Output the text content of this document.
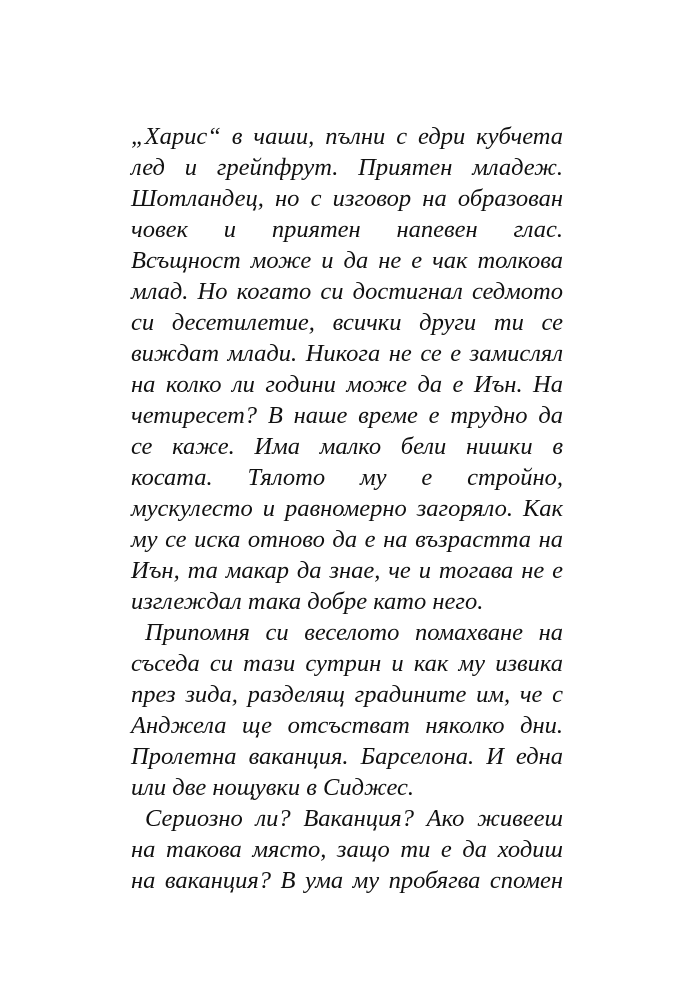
„Харис“ в чаши, пълни с едри кубчета
лед и грейпфрут. Приятен младеж.
Шотландец, но с изговор на образован
човек и приятен напевен глас.
Всъщност може и да не е чак толкова
млад. Но когато си достигнал седмото
си десетилетие, всички други ти се
виждат млади. Никога не се е замислял
на колко ли години може да е Иън. На
четиресет? В наше време е трудно да
се каже. Има малко бели нишки в
косата. Тялото му е стройно,
мускулесто и равномерно загоряло. Как
му се иска отново да е на възрастта на
Иън, та макар да знае, че и тогава не е
изглеждал така добре като него.
Припомня си веселото помахване на
съседа си тази сутрин и как му извика
през зида, разделящ градините им, че с
Анджела ще отсъстват няколко дни.
Пролетна ваканция. Барселона. И една
или две нощувки в Сиджес.
Сериозно ли? Ваканция? Ако живееш
на такова място, защо ти е да ходиш
на ваканция? В ума му пробягва спомен
